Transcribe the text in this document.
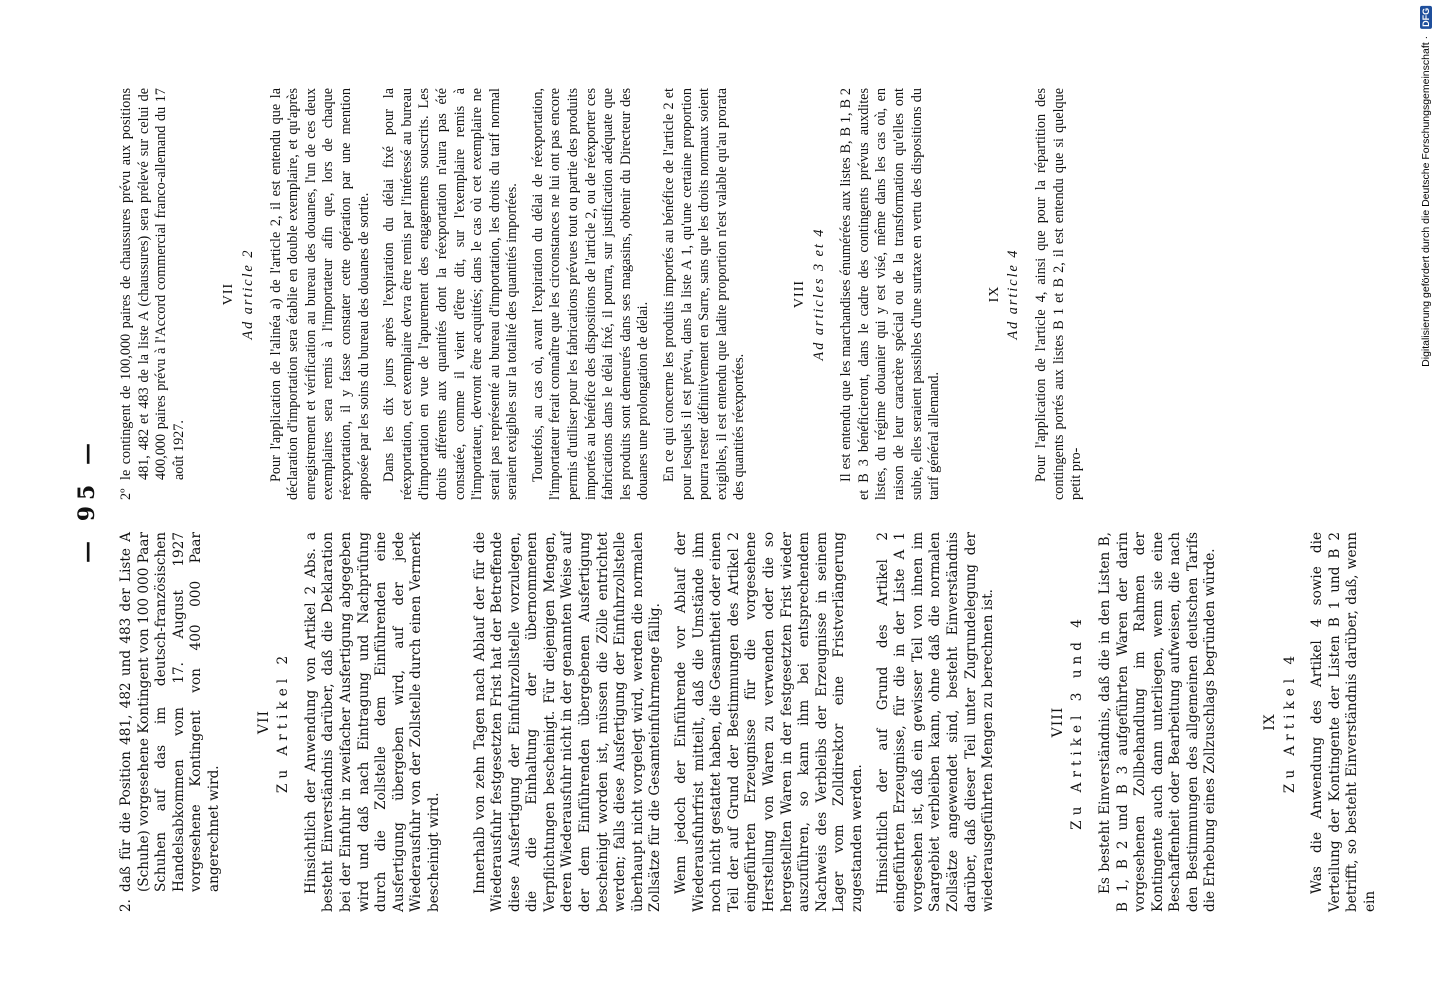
— 95 —

2.
daß für die Position 481, 482 und 483 der Liste A (Schuhe) vorgesehene Kontingent von 100 000 Paar Schuhen auf das im deutsch-französischen Handelsabkommen vom 17. August 1927 vorgesehene Kontingent von 400 000 Paar angerechnet wird.

VII Zu Artikel 2 Hinsichtlich der Anwendung von Artikel 2 Abs. a besteht Einverständnis darüber, daß die Deklaration bei der Einfuhr in zweifacher Ausfertigung abgegeben wird und daß nach Eintragung und Nachprüfung durch die Zollstelle dem Einführenden eine Ausfertigung übergeben wird, auf der jede Wiederausfuhr von der Zollstelle durch einen Vermerk bescheinigt wird. Innerhalb von zehn Tagen nach Ablauf der für die Wiederausfuhr festgesetzten Frist hat der Betreffende diese Ausfertigung der Einfuhrzollstelle vorzulegen, die die Einhaltung der übernommenen Verpflichtungen bescheinigt. Für diejenigen Mengen, deren Wiederausfuhr nicht in der genannten Weise auf der dem Einführenden übergebenen Ausfertigung bescheinigt worden ist, müssen die Zölle entrichtet werden; falls diese Ausfertigung der Einfuhrzollstelle überhaupt nicht vorgelegt wird, werden die normalen Zollsätze für die Gesamteinfuhrmenge fällig. Wenn jedoch der Einführende vor Ablauf der Wiederausfuhrfrist mitteilt, daß die Umstände ihm noch nicht gestattet haben, die Gesamtheit oder einen Teil der auf Grund der Bestimmungen des Artikel 2 eingeführten Erzeugnisse für die vorgesehene Herstellung von Waren zu verwenden oder die so hergestellten Waren in der festgesetzten Frist wieder auszuführen, so kann ihm bei entsprechendem Nachweis des Verbleibs der Erzeugnisse in seinem Lager vom Zolldirektor eine Fristverlängerung zugestanden werden. Hinsichtlich der auf Grund des Artikel 2 eingeführten Erzeugnisse, für die in der Liste A 1 vorgesehen ist, daß ein gewisser Teil von ihnen im Saargebiet verbleiben kann, ohne daß die normalen Zollsätze angewendet sind, besteht Einverständnis darüber, daß dieser Teil unter Zugrundelegung der wiederausgeführten Mengen zu berechnen ist.	VIII Zu Artikel 3 und 4 Es besteht Einverständnis, daß die in den Listen B, B 1, B 2 und B 3 aufgeführten Waren der darin vorgesehenen Zollbehandlung im Rahmen der Kontingente auch dann unterliegen, wenn sie eine Beschaffenheit oder Bearbeitung aufweisen, die nach den Bestimmungen des allgemeinen deutschen Tarifs die Erhebung eines Zollzuschlags begründen würde.	IX Zu Artikel 4 Was die Anwendung des Artikel 4 sowie die Verteilung der Kontingente der Listen B 1 und B 2 betrifft, so besteht Einverständnis darüber, daß, wenn ein

2º
le contingent de 100,000 paires de chaussures prévu aux positions 481, 482 et 483 de la liste A (chaussures) sera prélevé sur celui de 400,000 paires prévu à l'Accord commercial franco-allemand du 17 août 1927.

VII Ad article 2 Pour l'application de l'alinéa a) de l'article 2, il est entendu que la déclaration d'importation sera établie en double exemplaire, et qu'après enregistrement et vérification au bureau des douanes, l'un de ces deux exemplaires sera remis à l'importateur afin que, lors de chaque réexportation, il y fasse constater cette opération par une mention apposée par les soins du bureau des douanes de sortie. Dans les dix jours après l'expiration du délai fixé pour la réexportation, cet exemplaire devra être remis par l'intéressé au bureau d'importation en vue de l'apurement des engagements souscrits. Les droits afférents aux quantités dont la réexportation n'aura pas été constatée, comme il vient d'être dit, sur l'exemplaire remis à l'importateur, devront être acquittés; dans le cas où cet exemplaire ne serait pas représenté au bureau d'importation, les droits du tarif normal seraient exigibles sur la totalité des quantités importées. Toutefois, au cas où, avant l'expiration du délai de réexportation, l'importateur ferait connaître que les circonstances ne lui ont pas encore permis d'utiliser pour les fabrications prévues tout ou partie des produits importés au bénéfice des dispositions de l'article 2, ou de réexporter ces fabrications dans le délai fixé, il pourra, sur justification adéquate que les produits sont demeurés dans ses magasins, obtenir du Directeur des douanes une prolongation de délai. En ce qui concerne les produits importés au bénéfice de l'article 2 et pour lesquels il est prévu, dans la liste A 1, qu'une certaine proportion pourra rester définitivement en Sarre, sans que les droits normaux soient exigibles, il est entendu que ladite proportion n'est valable qu'au prorata des quantités réexportées.

VIII Ad articles 3 et 4 Il est entendu que les marchandises énumérées aux listes B, B 1, B 2 et B 3 bénéficieront, dans le cadre des contingents prévus auxdites listes, du régime douanier qui y est visé, même dans les cas où, en raison de leur caractère spécial ou de la transformation qu'elles ont subie, elles seraient passibles d'une surtaxe en vertu des dispositions du tarif général allemand.

IX Ad article 4 Pour l'application de l'article 4, ainsi que pour la répartition des contingents portés aux listes B 1 et B 2, il est entendu que si quelque petit pro-

Digitalisierung gefördert durch die Deutsche Forschungsgemeinschaft · DFG
